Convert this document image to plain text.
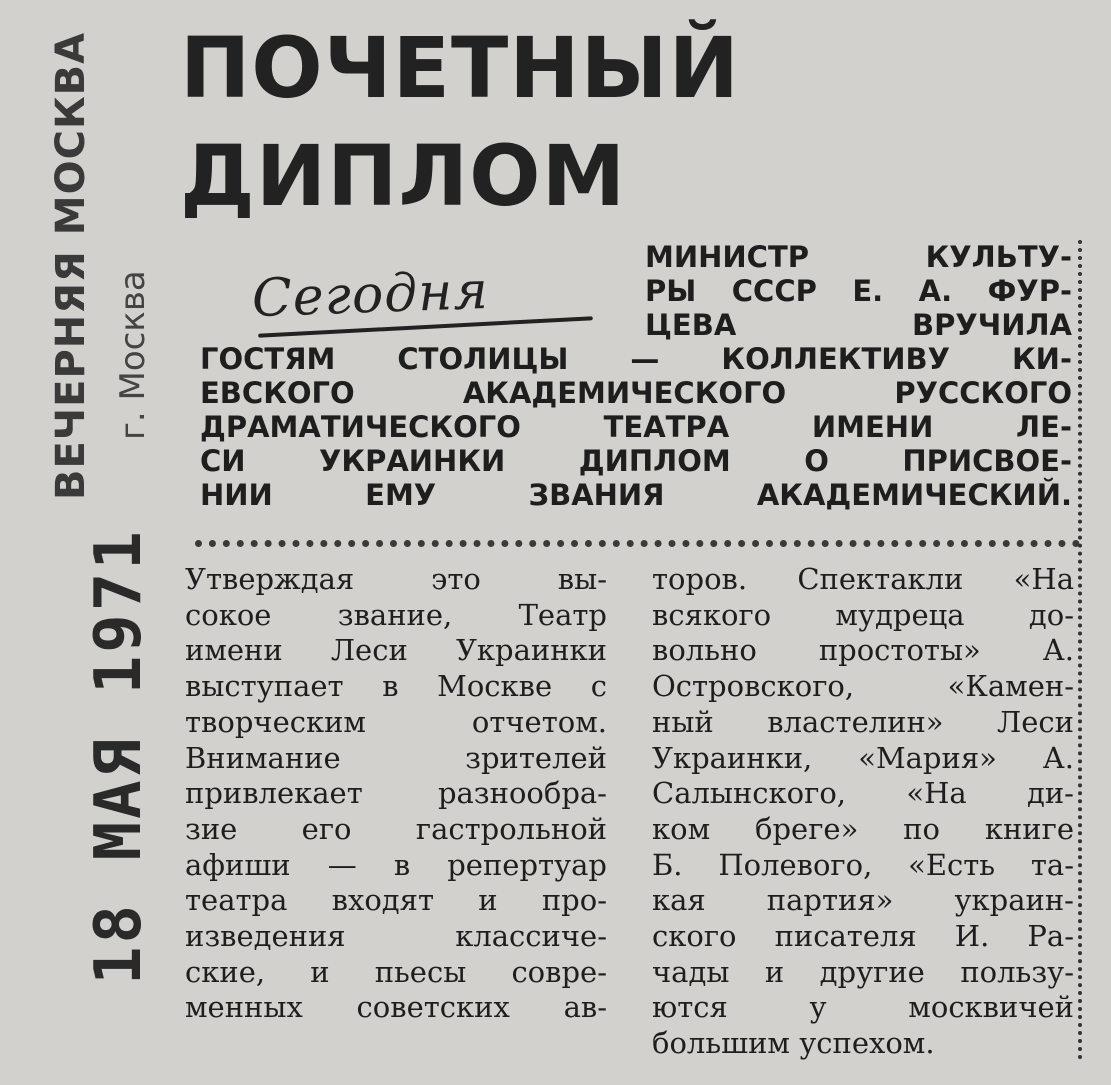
ПОЧЕТНЫЙ
ДИПЛОМ
ВЕЧЕРНЯЯ МОСКВА г. Москва
18 МАЯ 1971
Сегодня
МИНИСТР КУЛЬТУ-
РЫ СССР Е. А. ФУР-
ЦЕВА ВРУЧИЛА
ГОСТЯМ СТОЛИЦЫ — КОЛЛЕКТИВУ КИ-
ЕВСКОГО АКАДЕМИЧЕСКОГО РУССКОГО
ДРАМАТИЧЕСКОГО ТЕАТРА ИМЕНИ ЛЕ-
СИ УКРАИНКИ ДИПЛОМ О ПРИСВОЕ-
НИИ ЕМУ ЗВАНИЯ АКАДЕМИЧЕСКИЙ.
Утверждая это вы-
сокое звание, Театр
имени Леси Украинки
выступает в Москве с
творческим отчетом.
Внимание зрителей
привлекает разнообра-
зие его гастрольной
афиши — в репертуар
театра входят и про-
изведения классиче-
ские, и пьесы совре-
менных советских ав-
торов. Спектакли «На
всякого мудреца до-
вольно простоты» А.
Островского, «Камен-
ный властелин» Леси
Украинки, «Мария» А.
Салынского, «На ди-
ком бреге» по книге
Б. Полевого, «Есть та-
кая партия» украин-
ского писателя И. Ра-
чады и другие пользу-
ются у москвичей
большим успехом.
